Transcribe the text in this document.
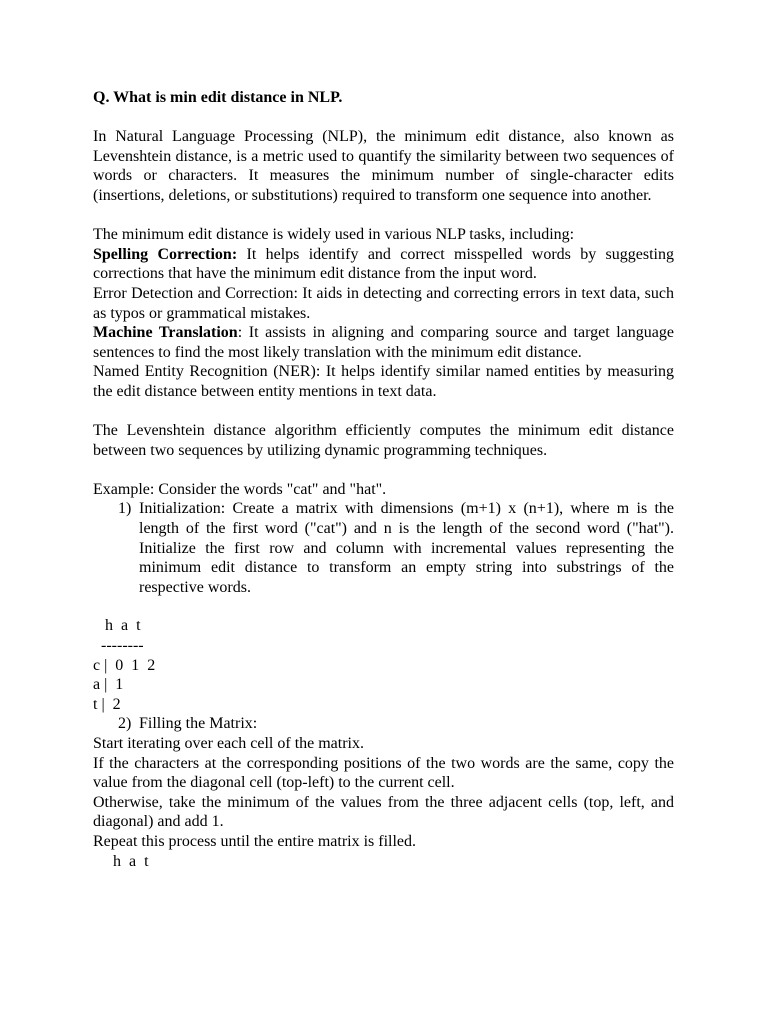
Q. What is min edit distance in NLP.

In Natural Language Processing (NLP), the minimum edit distance, also known as Levenshtein distance, is a metric used to quantify the similarity between two sequences of words or characters. It measures the minimum number of single-character edits (insertions, deletions, or substitutions) required to transform one sequence into another.

The minimum edit distance is widely used in various NLP tasks, including:

Spelling Correction: It helps identify and correct misspelled words by suggesting corrections that have the minimum edit distance from the input word.

Error Detection and Correction: It aids in detecting and correcting errors in text data, such as typos or grammatical mistakes.

Machine Translation: It assists in aligning and comparing source and target language sentences to find the most likely translation with the minimum edit distance.

Named Entity Recognition (NER): It helps identify similar named entities by measuring the edit distance between entity mentions in text data.

The Levenshtein distance algorithm efficiently computes the minimum edit distance between two sequences by utilizing dynamic programming techniques.

Example: Consider the words "cat" and "hat".

1) Initialization: Create a matrix with dimensions (m+1) x (n+1), where m is the length of the first word ("cat") and n is the length of the second word ("hat"). Initialize the first row and column with incremental values representing the minimum edit distance to transform an empty string into substrings of the respective words.

h  a  t

--------

c |  0  1  2

a |  1

t |  2

2) Filling the Matrix:

Start iterating over each cell of the matrix.

If the characters at the corresponding positions of the two words are the same, copy the value from the diagonal cell (top-left) to the current cell.

Otherwise, take the minimum of the values from the three adjacent cells (top, left, and diagonal) and add 1.

Repeat this process until the entire matrix is filled.

h  a  t
